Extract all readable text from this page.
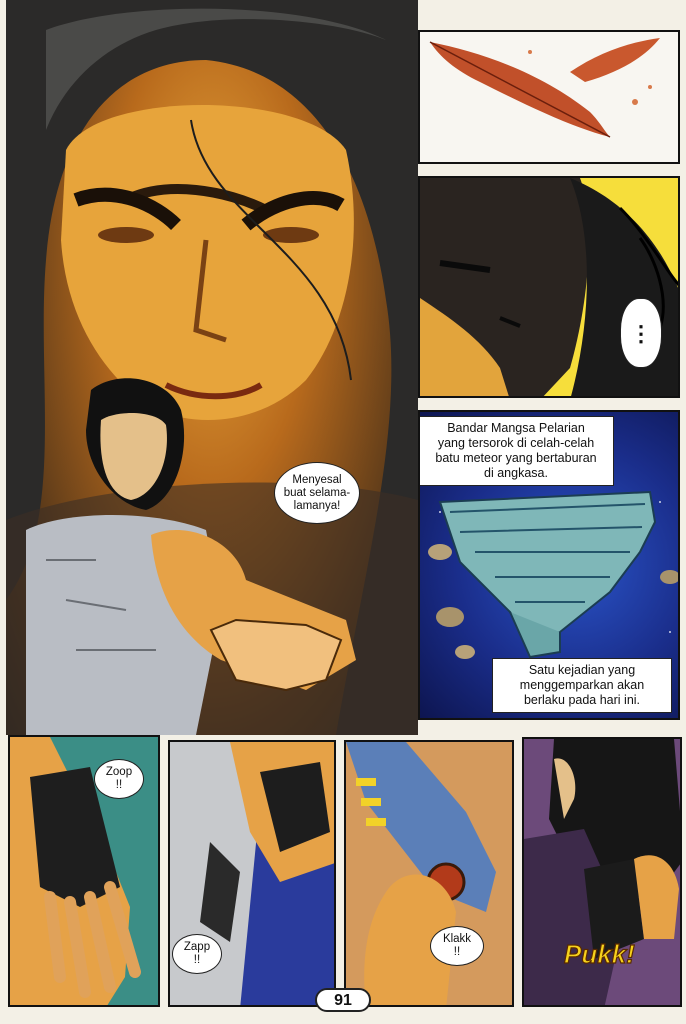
Menyesal
buat selama-
lamanya!
⋮
Bandar Mangsa Pelarian
yang tersorok di celah-celah
batu meteor yang bertaburan
di angkasa.
Satu kejadian yang
menggemparkan akan
berlaku pada hari ini.
Zoop
!!
Zapp
!!
Klakk
!!	Pukk!
91
